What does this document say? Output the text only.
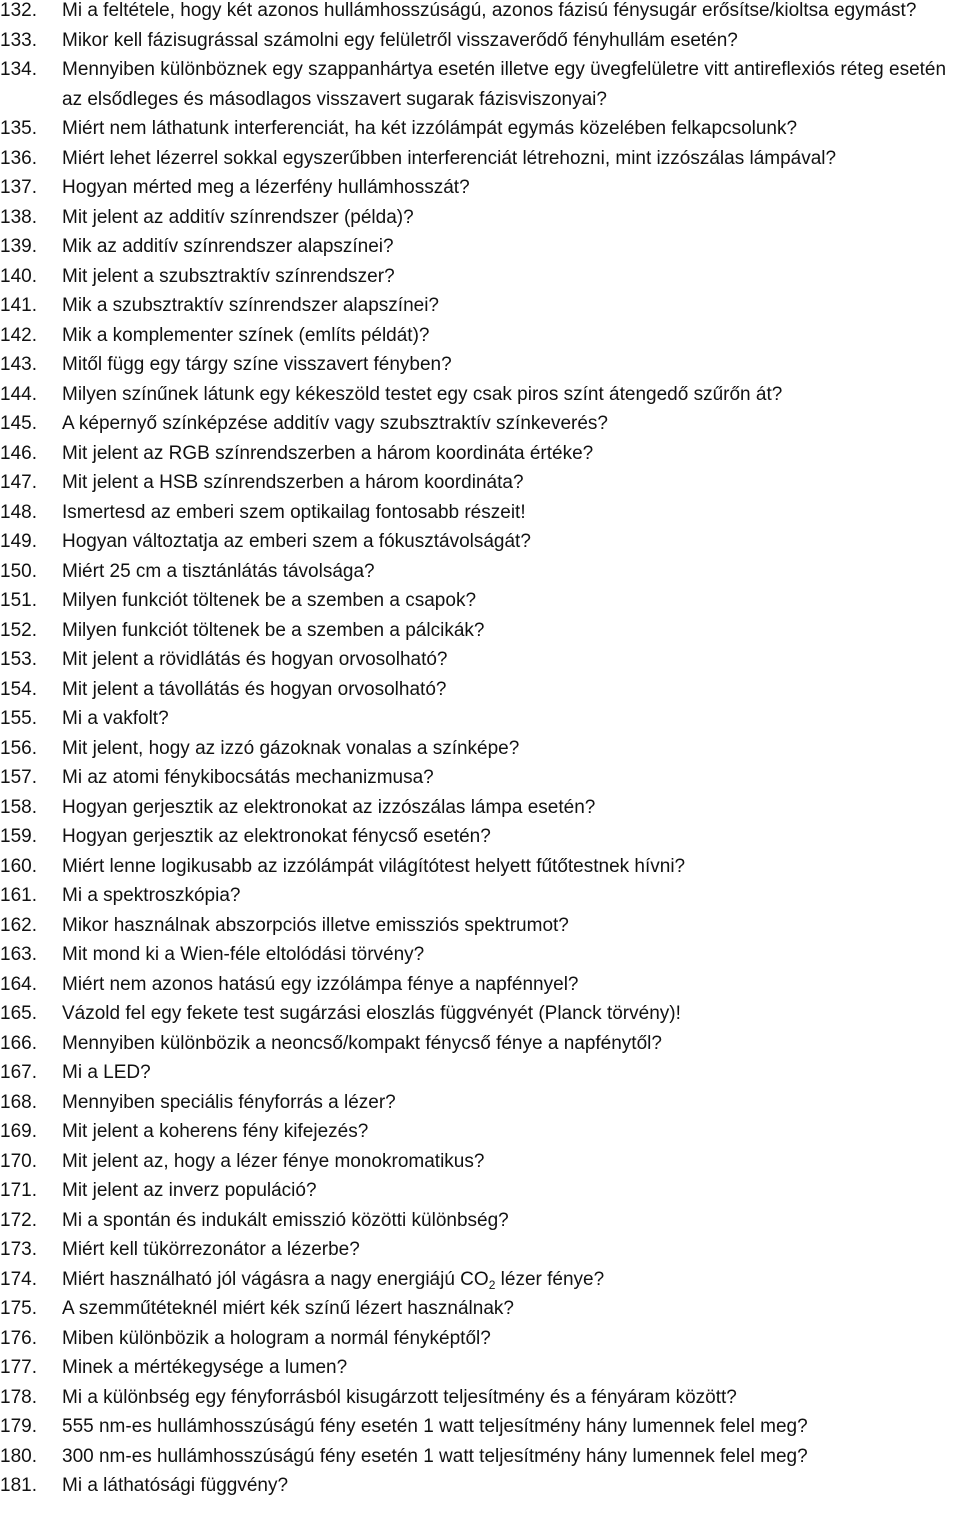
132.	Mi a feltétele, hogy két azonos hullámhosszúságú, azonos fázisú fénysugár erősítse/kioltsa egymást?
133.	Mikor kell fázisugrással számolni egy felületről visszaverődő fényhullám esetén?
134.	Mennyiben különböznek egy szappanhártya esetén illetve egy üvegfelületre vitt antireflexiós réteg esetén az elsődleges és másodlagos visszavert sugarak fázisviszonyai?
135.	Miért nem láthatunk interferenciát, ha két izzólámpát egymás közelében felkapcsolunk?
136.	Miért lehet lézerrel sokkal egyszerűbben interferenciát létrehozni, mint izzószálas lámpával?
137.	Hogyan mérted meg a lézerfény hullámhosszát?
138.	Mit jelent az additív színrendszer (példa)?
139.	Mik az additív színrendszer alapszínei?
140.	Mit jelent a szubsztraktív színrendszer?
141.	Mik a szubsztraktív színrendszer alapszínei?
142.	Mik a komplementer színek (említs példát)?
143.	Mitől függ egy tárgy színe visszavert fényben?
144.	Milyen színűnek látunk egy kékeszöld testet egy csak piros színt átengedő szűrőn át?
145.	A képernyő színképzése additív vagy szubsztraktív színkeverés?
146.	Mit jelent az RGB színrendszerben a három koordináta értéke?
147.	Mit jelent a HSB színrendszerben a három koordináta?
148.	Ismertesd az emberi szem optikailag fontosabb részeit!
149.	Hogyan változtatja az emberi szem a fókusztávolságát?
150.	Miért 25 cm a tisztánlátás távolsága?
151.	Milyen funkciót töltenek be a szemben a csapok?
152.	Milyen funkciót töltenek be a szemben a pálcikák?
153.	Mit jelent a rövidlátás és hogyan orvosolható?
154.	Mit jelent a távollátás és hogyan orvosolható?
155.	Mi a vakfolt?
156.	Mit jelent, hogy az izzó gázoknak vonalas a színképe?
157.	Mi az atomi fénykibocsátás mechanizmusa?
158.	Hogyan gerjesztik az elektronokat az izzószálas lámpa esetén?
159.	Hogyan gerjesztik az elektronokat fénycső esetén?
160.	Miért lenne logikusabb az izzólámpát világítótest helyett fűtőtestnek hívni?
161.	Mi a spektroszkópia?
162.	Mikor használnak abszorpciós illetve emissziós spektrumot?
163.	Mit mond ki a Wien-féle eltolódási törvény?
164.	Miért nem azonos hatású egy izzólámpa fénye a napfénnyel?
165.	Vázold fel egy fekete test sugárzási eloszlás függvényét (Planck törvény)!
166.	Mennyiben különbözik a neoncső/kompakt fénycső fénye a napfénytől?
167.	Mi a LED?
168.	Mennyiben speciális fényforrás a lézer?
169.	Mit jelent a koherens fény kifejezés?
170.	Mit jelent az, hogy a lézer fénye monokromatikus?
171.	Mit jelent az inverz populáció?
172.	Mi a spontán és indukált emisszió közötti különbség?
173.	Miért kell tükörrezonátor a lézerbe?
174.	Miért használható jól vágásra a nagy energiájú $CO_2$ lézer fénye?
175.	A szemműtéteknél miért kék színű lézert használnak?
176.	Miben különbözik a hologram a normál fényképtől?
177.	Minek a mértékegysége a lumen?
178.	Mi a különbség egy fényforrásból kisugárzott teljesítmény és a fényáram között?
179.	555 nm-es hullámhosszúságú fény esetén 1 watt teljesítmény hány lumennek felel meg?
180.	300 nm-es hullámhosszúságú fény esetén 1 watt teljesítmény hány lumennek felel meg?
181.	Mi a láthatósági függvény?
